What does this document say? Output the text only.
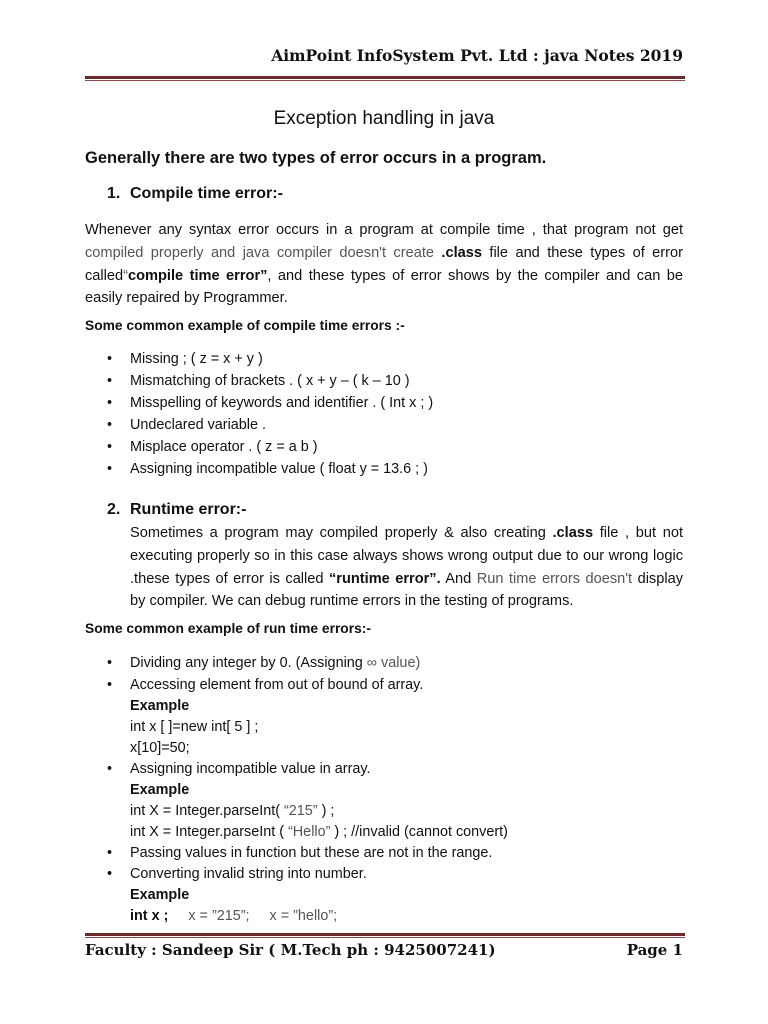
AimPoint InfoSystem Pvt. Ltd : java Notes 2019
Exception handling in java
Generally there are two types of error occurs in a program.
1. Compile time error:-
Whenever any syntax error occurs in a program at compile time , that program not get compiled properly and java compiler doesn't create .class file and these types of error called“compile time error”, and these types of error shows by the compiler and can be easily repaired by Programmer.
Some common example of compile time errors :-
• Missing ; ( z = x + y )
• Mismatching of brackets . ( x + y – ( k – 10 )
• Misspelling of keywords and identifier . ( Int x ; )
• Undeclared variable .
• Misplace operator . ( z = a b )
• Assigning incompatible value ( float y = 13.6 ; )
2. Runtime error:-
Sometimes a program may compiled properly & also creating .class file , but not executing properly so in this case always shows wrong output due to our wrong logic .these types of error is called “runtime error”. And Run time errors doesn't display by compiler. We can debug runtime errors in the testing of programs.
Some common example of run time errors:-
• Dividing any integer by 0. (Assigning ∞ value)
• Accessing element from out of bound of array.
Example
int x [ ]=new int[ 5 ] ;
x[10]=50;
• Assigning incompatible value in array.
Example
int X = Integer.parseInt( “215” ) ;
int X = Integer.parseInt ( “Hello” ) ; //invalid (cannot convert)
• Passing values in function but these are not in the range.
• Converting invalid string into number.
Example
int x ;     x = ”215”;     x = ”hello”;
Faculty : Sandeep Sir ( M.Tech ph : 9425007241)	Page 1
